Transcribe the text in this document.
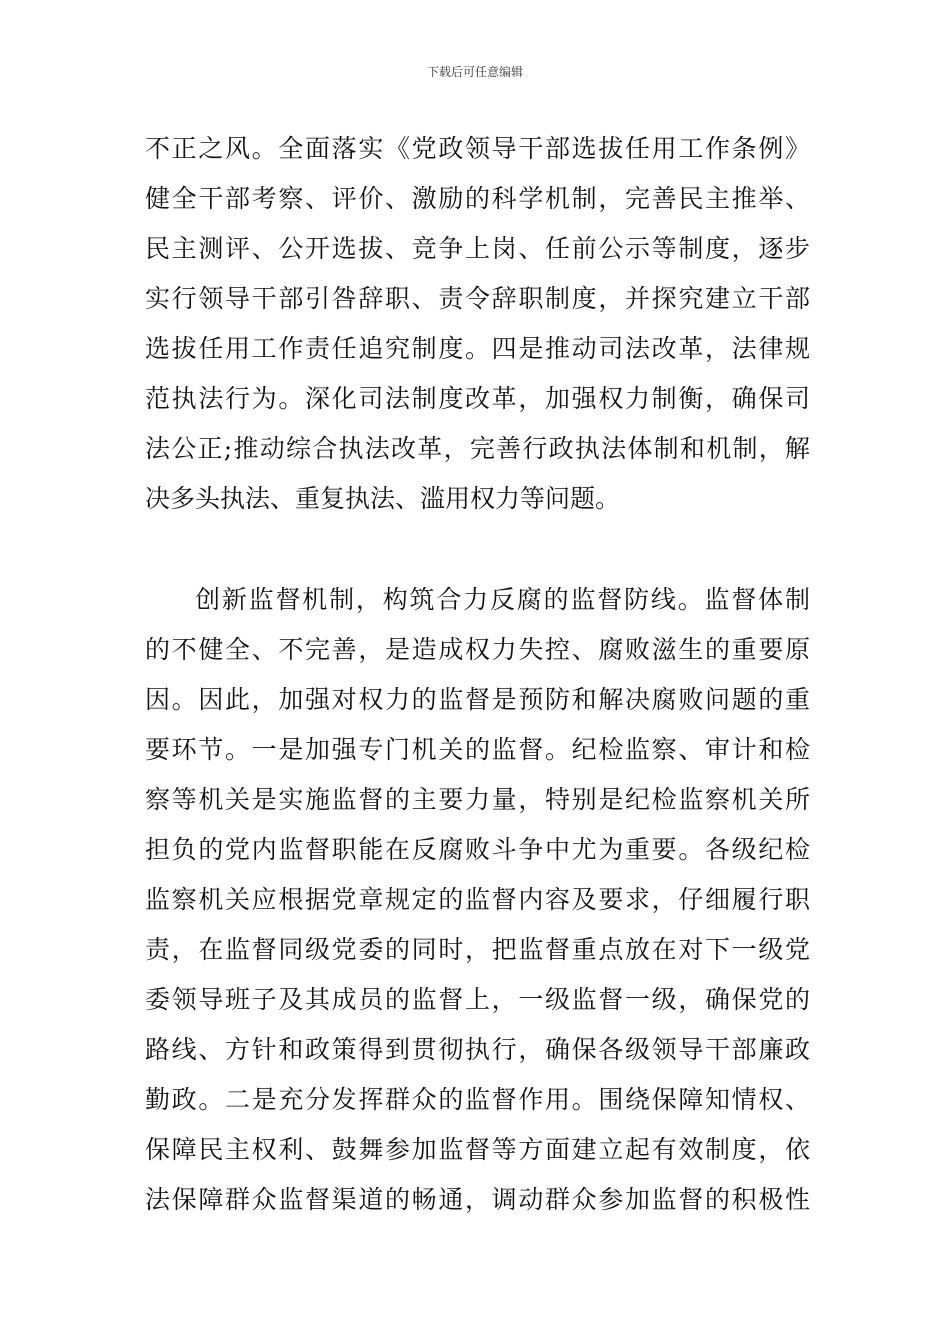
下载后可任意编辑
不正之风。全面落实《党政领导干部选拔任用工作条例》
健全干部考察、评价、激励的科学机制，完善民主推举、
民主测评、公开选拔、竞争上岗、任前公示等制度，逐步
实行领导干部引咎辞职、责令辞职制度，并探究建立干部
选拔任用工作责任追究制度。四是推动司法改革，法律规
范执法行为。深化司法制度改革，加强权力制衡，确保司
法公正;推动综合执法改革，完善行政执法体制和机制，解
决多头执法、重复执法、滥用权力等问题。
创新监督机制，构筑合力反腐的监督防线。监督体制
的不健全、不完善，是造成权力失控、腐败滋生的重要原
因。因此，加强对权力的监督是预防和解决腐败问题的重
要环节。一是加强专门机关的监督。纪检监察、审计和检
察等机关是实施监督的主要力量，特别是纪检监察机关所
担负的党内监督职能在反腐败斗争中尤为重要。各级纪检
监察机关应根据党章规定的监督内容及要求，仔细履行职
责，在监督同级党委的同时，把监督重点放在对下一级党
委领导班子及其成员的监督上，一级监督一级，确保党的
路线、方针和政策得到贯彻执行，确保各级领导干部廉政
勤政。二是充分发挥群众的监督作用。围绕保障知情权、
保障民主权利、鼓舞参加监督等方面建立起有效制度，依
法保障群众监督渠道的畅通，调动群众参加监督的积极性
